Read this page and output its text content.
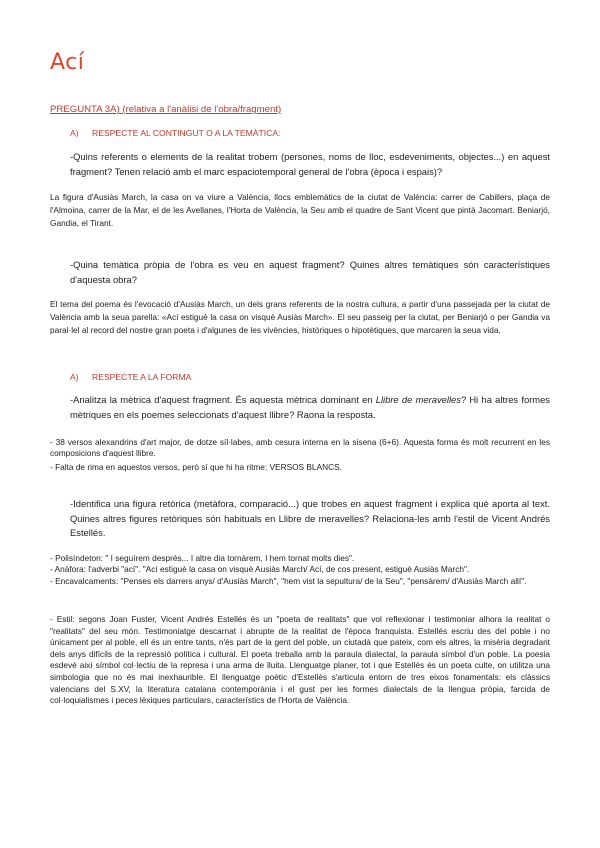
Ací

PREGUNTA 3A) (relativa a l'anàlisi de l'obra/fragment)

A) RESPECTE AL CONTINGUT O A LA TEMÀTICA:

-Quins referents o elements de la realitat trobem (persones, noms de lloc, esdeveniments, objectes...) en aquest fragment? Tenen relació amb el marc espaciotemporal general de l'obra (època i espais)?

La figura d'Ausiàs March, la casa on va viure a València, llocs emblemàtics de la ciutat de València: carrer de Cabillers, plaça de l'Almoina, carrer de la Mar, el de les Avellanes, l'Horta de València, la Seu amb el quadre de Sant Vicent que pintà Jacomart. Beniarjó, Gandia, el Tirant.

-Quina temàtica pròpia de l'obra es veu en aquest fragment? Quines altres temàtiques són característiques d'aquesta obra?

El tema del poema és l'evocació d'Ausiàs March, un dels grans referents de la nostra cultura, a partir d'una passejada per la ciutat de València amb la seua parella: «Ací estiguè la casa on visquè Ausiàs March». El seu passeig per la ciutat, per Beniarjó o per Gandia va paral·lel al record del nostre gran poeta i d'algunes de les vivències, històriques o hipotètiques, que marcaren la seua vida.

A) RESPECTE A LA FORMA

-Analitza la mètrica d'aquest fragment. És aquesta mètrica dominant en Llibre de meravelles? Hi ha altres formes mètriques en els poemes seleccionats d'aquest llibre? Raona la resposta.

- 38 versos alexandrins d'art major, de dotze síl·labes, amb cesura interna en la sisena (6+6). Aquesta forma és molt recurrent en les composicions d'aquest llibre.
- Falta de rima en aquestos versos, però sí que hi ha ritme: VERSOS BLANCS.

-Identifica una figura retòrica (metàfora, comparació...) que trobes en aquest fragment i explica què aporta al text. Quines altres figures retòriques són habituals en Llibre de meravelles? Relaciona-les amb l'estil de Vicent Andrés Estellés.

- Polisíndeton: " I seguírem després... I altre dia tornàrem, I hem tornat molts dies".
- Anàfora: l'adverbi "ací". "Ací estiguè la casa on visquè Ausiàs March/ Ací, de cos present, estiguè Ausiàs March".
- Encavalcaments: "Penses els darrers anys/ d'Ausiàs March", "hem vist la sepultura/ de la Seu", "pensàrem/ d'Ausiàs March allí".

- Estil: segons Joan Fuster, Vicent Andrés Estellés és un "poeta de realitats" que vol reflexionar i testimoniar alhora la realitat o "realitats" del seu món. Testimoniatge descarnat i abrupte de la realitat de l'època franquista. Estellés escriu des del poble i no únicament per al poble, ell és un entre tants, n'és part de la gent del poble, un ciutadà que pateix, com els altres, la misèria degradant dels anys difícils de la repressió política i cultural. El poeta treballa amb la paraula dialectal, la paraula símbol d'un poble. La poesia esdevé així símbol col·lectiu de la represa i una arma de lluita. Llenguatge planer, tot i que Estellés és un poeta culte, on utilitza una simbologia que no és mai inexhaurible. El llenguatge poètic d'Estellés s'articula entorn de tres eixos fonamentals: els clàssics valencians del S.XV, la literatura catalana contemporània i el gust per les formes dialectals de la llengua pròpia, farcida de col·loquialismes i peces lèxiques particulars, característics de l'Horta de València.
